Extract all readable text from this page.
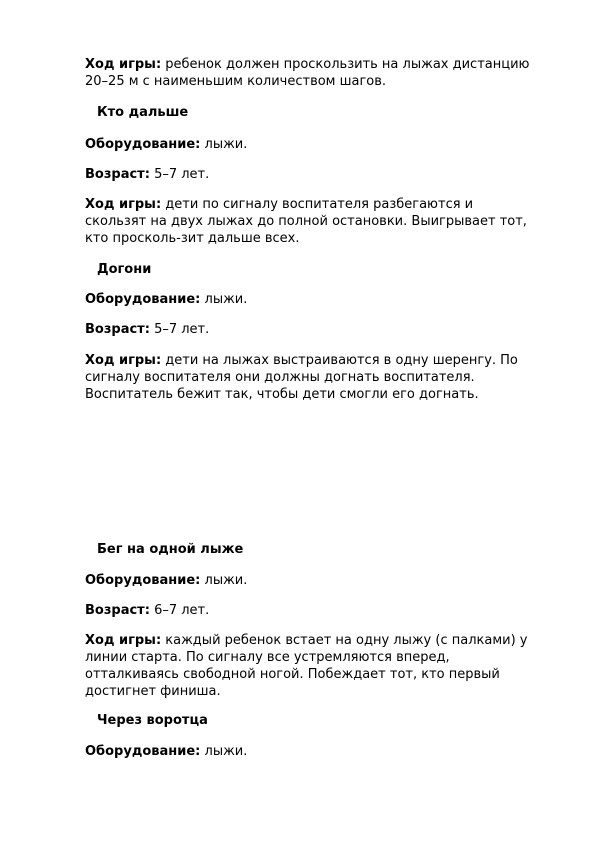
Ход игры: ребенок должен проскользить на лыжах дистанцию 20–25 м с наименьшим количеством шагов.

Кто дальше

Оборудование: лыжи.

Возраст: 5–7 лет.

Ход игры: дети по сигналу воспитателя разбегаются и скользят на двух лыжах до полной остановки. Выигрывает тот, кто просколь-зит дальше всех.

Догони

Оборудование: лыжи.

Возраст: 5–7 лет.

Ход игры: дети на лыжах выстраиваются в одну шеренгу. По сигналу воспитателя они должны догнать воспитателя. Воспитатель бежит так, чтобы дети смогли его догнать.

Бег на одной лыже

Оборудование: лыжи.

Возраст: 6–7 лет.

Ход игры: каждый ребенок встает на одну лыжу (с палками) у линии старта. По сигналу все устремляются вперед, отталкиваясь свободной ногой. Побеждает тот, кто первый достигнет финиша.

Через воротца

Оборудование: лыжи.
